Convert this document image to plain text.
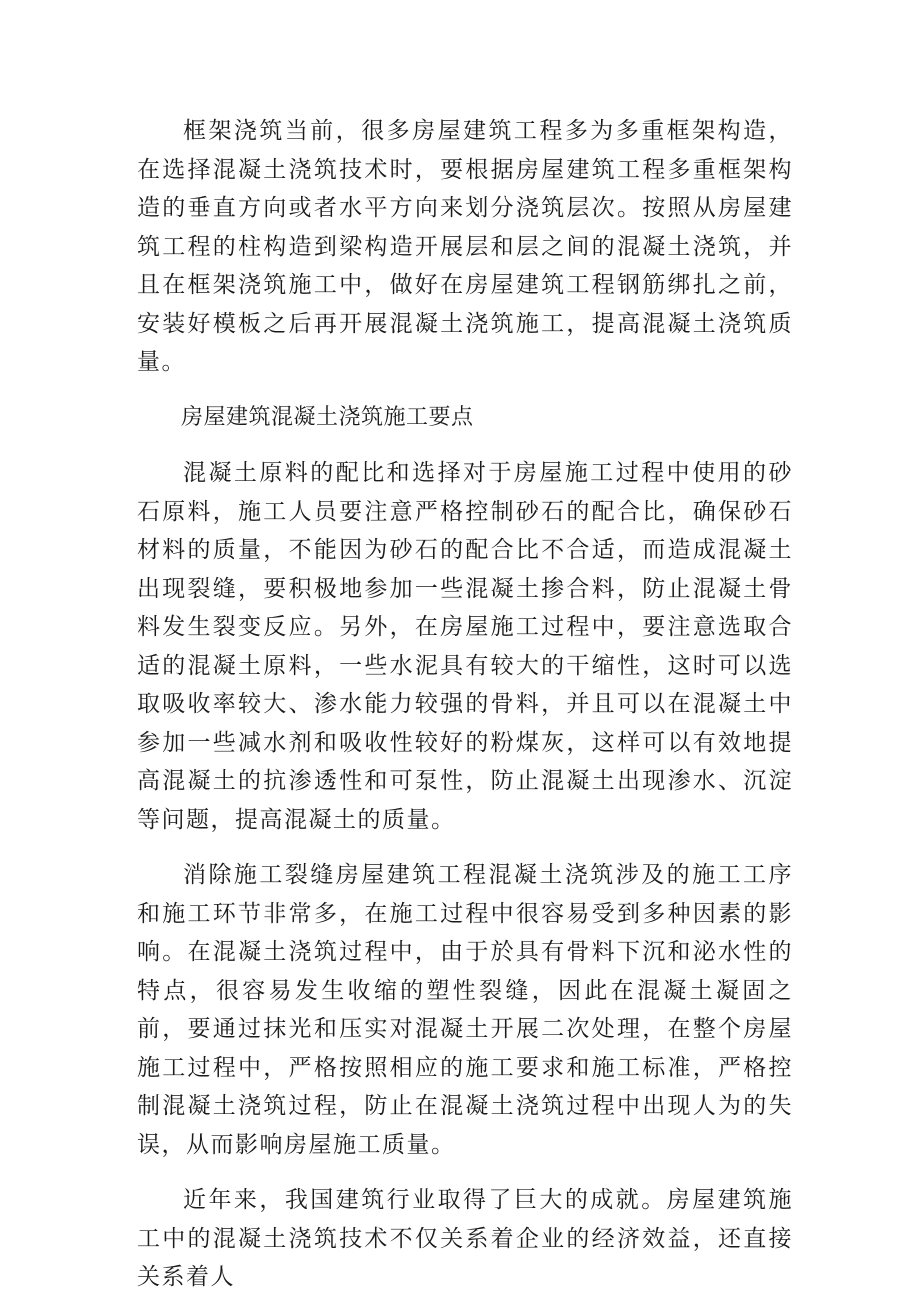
框架浇筑当前，很多房屋建筑工程多为多重框架构造，在选择混凝土浇筑技术时，要根据房屋建筑工程多重框架构造的垂直方向或者水平方向来划分浇筑层次。按照从房屋建筑工程的柱构造到梁构造开展层和层之间的混凝土浇筑，并且在框架浇筑施工中，做好在房屋建筑工程钢筋绑扎之前，安装好模板之后再开展混凝土浇筑施工，提高混凝土浇筑质量。

房屋建筑混凝土浇筑施工要点

混凝土原料的配比和选择对于房屋施工过程中使用的砂石原料，施工人员要注意严格控制砂石的配合比，确保砂石材料的质量，不能因为砂石的配合比不合适，而造成混凝土出现裂缝，要积极地参加一些混凝土掺合料，防止混凝土骨料发生裂变反应。另外，在房屋施工过程中，要注意选取合适的混凝土原料，一些水泥具有较大的干缩性，这时可以选取吸收率较大、渗水能力较强的骨料，并且可以在混凝土中参加一些减水剂和吸收性较好的粉煤灰，这样可以有效地提高混凝土的抗渗透性和可泵性，防止混凝土出现渗水、沉淀等问题，提高混凝土的质量。

消除施工裂缝房屋建筑工程混凝土浇筑涉及的施工工序和施工环节非常多，在施工过程中很容易受到多种因素的影响。在混凝土浇筑过程中，由于於具有骨料下沉和泌水性的特点，很容易发生收缩的塑性裂缝，因此在混凝土凝固之前，要通过抹光和压实对混凝土开展二次处理，在整个房屋施工过程中，严格按照相应的施工要求和施工标准，严格控制混凝土浇筑过程，防止在混凝土浇筑过程中出现人为的失误，从而影响房屋施工质量。

近年来，我国建筑行业取得了巨大的成就。房屋建筑施工中的混凝土浇筑技术不仅关系着企业的经济效益，还直接关系着人
